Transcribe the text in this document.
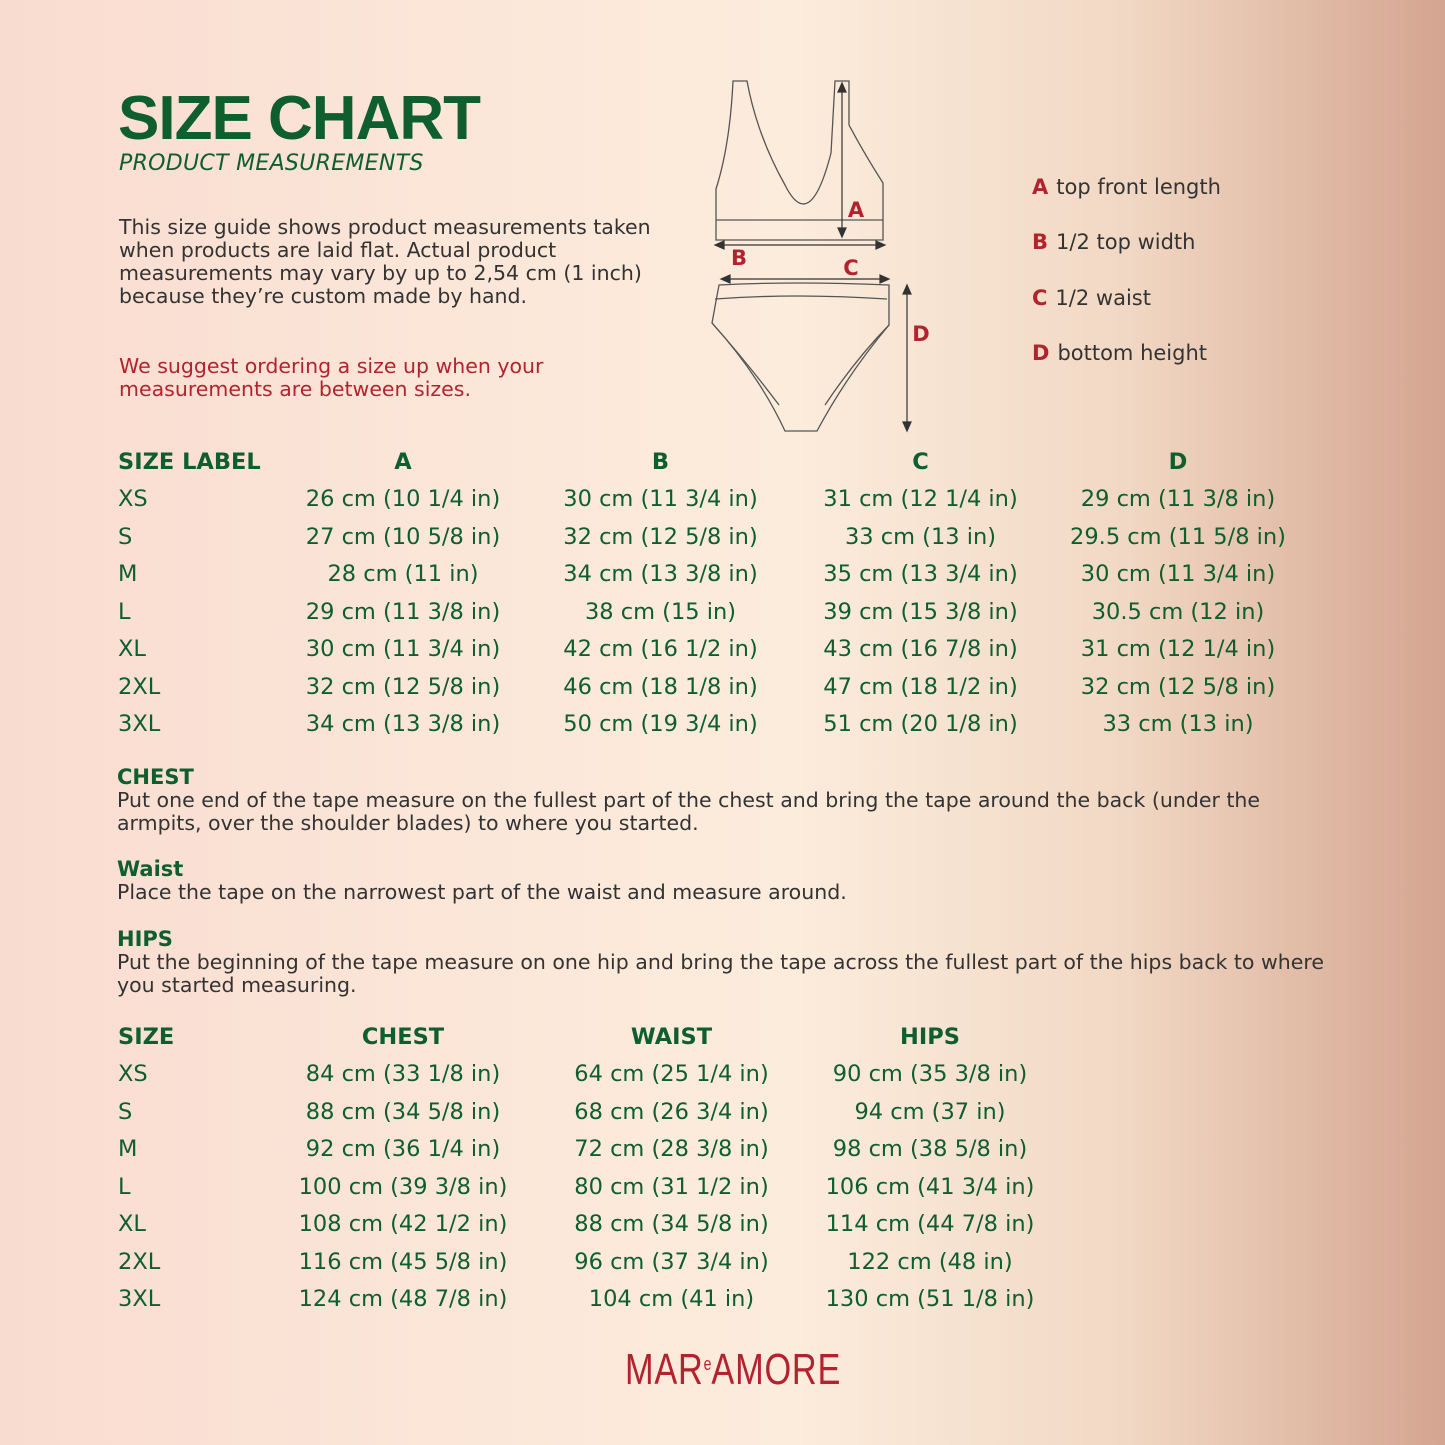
SIZE CHART
PRODUCT MEASUREMENTS

This size guide shows product measurements taken when products are laid flat. Actual product measurements may vary by up to 2,54 cm (1 inch) because they’re custom made by hand.

We suggest ordering a size up when your measurements are between sizes.

A
B	C
D
A top front length
B 1/2 top width
C 1/2 waist
D bottom height
SIZE LABEL	A	B	C	D
XS	26 cm (10 1/4 in)	30 cm (11 3/4 in)	31 cm (12 1/4 in)	29 cm (11 3/8 in)
S	27 cm (10 5/8 in)	32 cm (12 5/8 in)	33 cm (13 in)	29.5 cm (11 5/8 in)
M	28 cm (11 in)	34 cm (13 3/8 in)	35 cm (13 3/4 in)	30 cm (11 3/4 in)
L	29 cm (11 3/8 in)	38 cm (15 in)	39 cm (15 3/8 in)	30.5 cm (12 in)
XL	30 cm (11 3/4 in)	42 cm (16 1/2 in)	43 cm (16 7/8 in)	31 cm (12 1/4 in)
2XL	32 cm (12 5/8 in)	46 cm (18 1/8 in)	47 cm (18 1/2 in)	32 cm (12 5/8 in)
3XL	34 cm (13 3/8 in)	50 cm (19 3/4 in)	51 cm (20 1/8 in)	33 cm (13 in)
CHEST
Put one end of the tape measure on the fullest part of the chest and bring the tape around the back (under the armpits, over the shoulder blades) to where you started.
Waist
Place the tape on the narrowest part of the waist and measure around.
HIPS
Put the beginning of the tape measure on one hip and bring the tape across the fullest part of the hips back to where you started measuring.
SIZE	CHEST	WAIST	HIPS
XS	84 cm (33 1/8 in)	64 cm (25 1/4 in)	90 cm (35 3/8 in)
S	88 cm (34 5/8 in)	68 cm (26 3/4 in)	94 cm (37 in)
M	92 cm (36 1/4 in)	72 cm (28 3/8 in)	98 cm (38 5/8 in)
L	100 cm (39 3/8 in)	80 cm (31 1/2 in)	106 cm (41 3/4 in)
XL	108 cm (42 1/2 in)	88 cm (34 5/8 in)	114 cm (44 7/8 in)
2XL	116 cm (45 5/8 in)	96 cm (37 3/4 in)	122 cm (48 in)
3XL	124 cm (48 7/8 in)	104 cm (41 in)	130 cm (51 1/8 in)
MAR$^e$AMORE
